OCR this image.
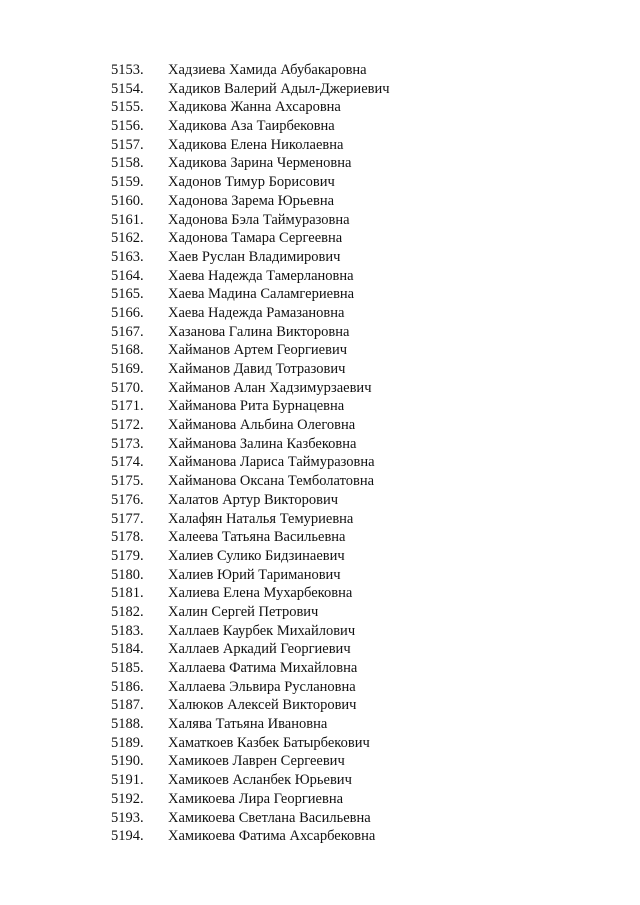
5153. Хадзиева Хамида Абубакаровна
5154. Хадиков Валерий Адыл-Джериевич
5155. Хадикова Жанна Ахсаровна
5156. Хадикова Аза Таирбековна
5157. Хадикова Елена Николаевна
5158. Хадикова Зарина Черменовна
5159. Хадонов Тимур Борисович
5160. Хадонова Зарема Юрьевна
5161. Хадонова Бэла Таймуразовна
5162. Хадонова Тамара Сергеевна
5163. Хаев Руслан Владимирович
5164. Хаева Надежда Тамерлановна
5165. Хаева Мадина Саламгериевна
5166. Хаева Надежда Рамазановна
5167. Хазанова Галина Викторовна
5168. Хайманов Артем Георгиевич
5169. Хайманов Давид Тотразович
5170. Хайманов Алан Хадзимурзаевич
5171. Хайманова Рита Бурнацевна
5172. Хайманова Альбина Олеговна
5173. Хайманова Залина Казбековна
5174. Хайманова Лариса Таймуразовна
5175. Хайманова Оксана Темболатовна
5176. Халатов Артур Викторович
5177. Халафян Наталья Темуриевна
5178. Халеева Татьяна Васильевна
5179. Халиев Сулико Бидзинаевич
5180. Халиев Юрий Тариманович
5181. Халиева Елена Мухарбековна
5182. Халин Сергей Петрович
5183. Халлаев Каурбек Михайлович
5184. Халлаев Аркадий Георгиевич
5185. Халлаева Фатима Михайловна
5186. Халлаева Эльвира Руслановна
5187. Халюков Алексей Викторович
5188. Халява Татьяна Ивановна
5189. Хаматкоев Казбек Батырбекович
5190. Хамикоев Лаврен Сергеевич
5191. Хамикоев Асланбек Юрьевич
5192. Хамикоева Лира Георгиевна
5193. Хамикоева Светлана Васильевна
5194. Хамикоева Фатима Ахсарбековна
